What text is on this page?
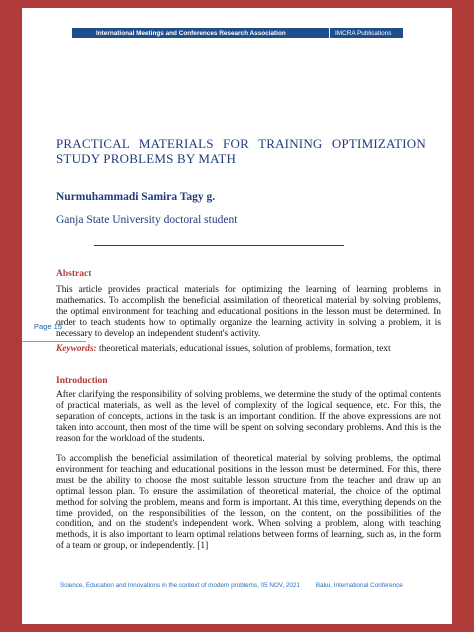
International Meetings and Conferences Research Association	IMCRA Publications
PRACTICAL MATERIALS FOR TRAINING OPTIMIZATION STUDY PROBLEMS BY MATH
Nurmuhammadi Samira Tagy g.
Ganja State University doctoral student
Abstract
This article provides practical materials for optimizing the learning of learning problems in mathematics. To accomplish the beneficial assimilation of theoretical material by solving problems, the optimal environment for teaching and educational positions in the lesson must be determined. In order to teach students how to optimally organize the learning activity in solving a problem, it is necessary to develop an independent student's activity.
Keywords: theoretical materials, educational issues, solution of problems, formation, text
Page 15
Introduction
After clarifying the responsibility of solving problems, we determine the study of the optimal contents of practical materials, as well as the level of complexity of the logical sequence, etc. For this, the separation of concepts, actions in the task is an important condition. If the above expressions are not taken into account, then most of the time will be spent on solving secondary problems. And this is the reason for the workload of the students.
To accomplish the beneficial assimilation of theoretical material by solving problems, the optimal environment for teaching and educational positions in the lesson must be determined. For this, there must be the ability to choose the most suitable lesson structure from the teacher and draw up an optimal lesson plan. To ensure the assimilation of theoretical material, the choice of the optimal method for solving the problem, means and form is important. At this time, everything depends on the time provided, on the responsibilities of the lesson, on the content, on the possibilities of the condition, and on the student's independent work. When solving a problem, along with teaching methods, it is also important to learn optimal relations between forms of learning, such as, in the form of a team or group, or independently. [1]
Science, Education and Innovations in the context of modern problems, 05 NOV, 2021	Baku, International Conference
